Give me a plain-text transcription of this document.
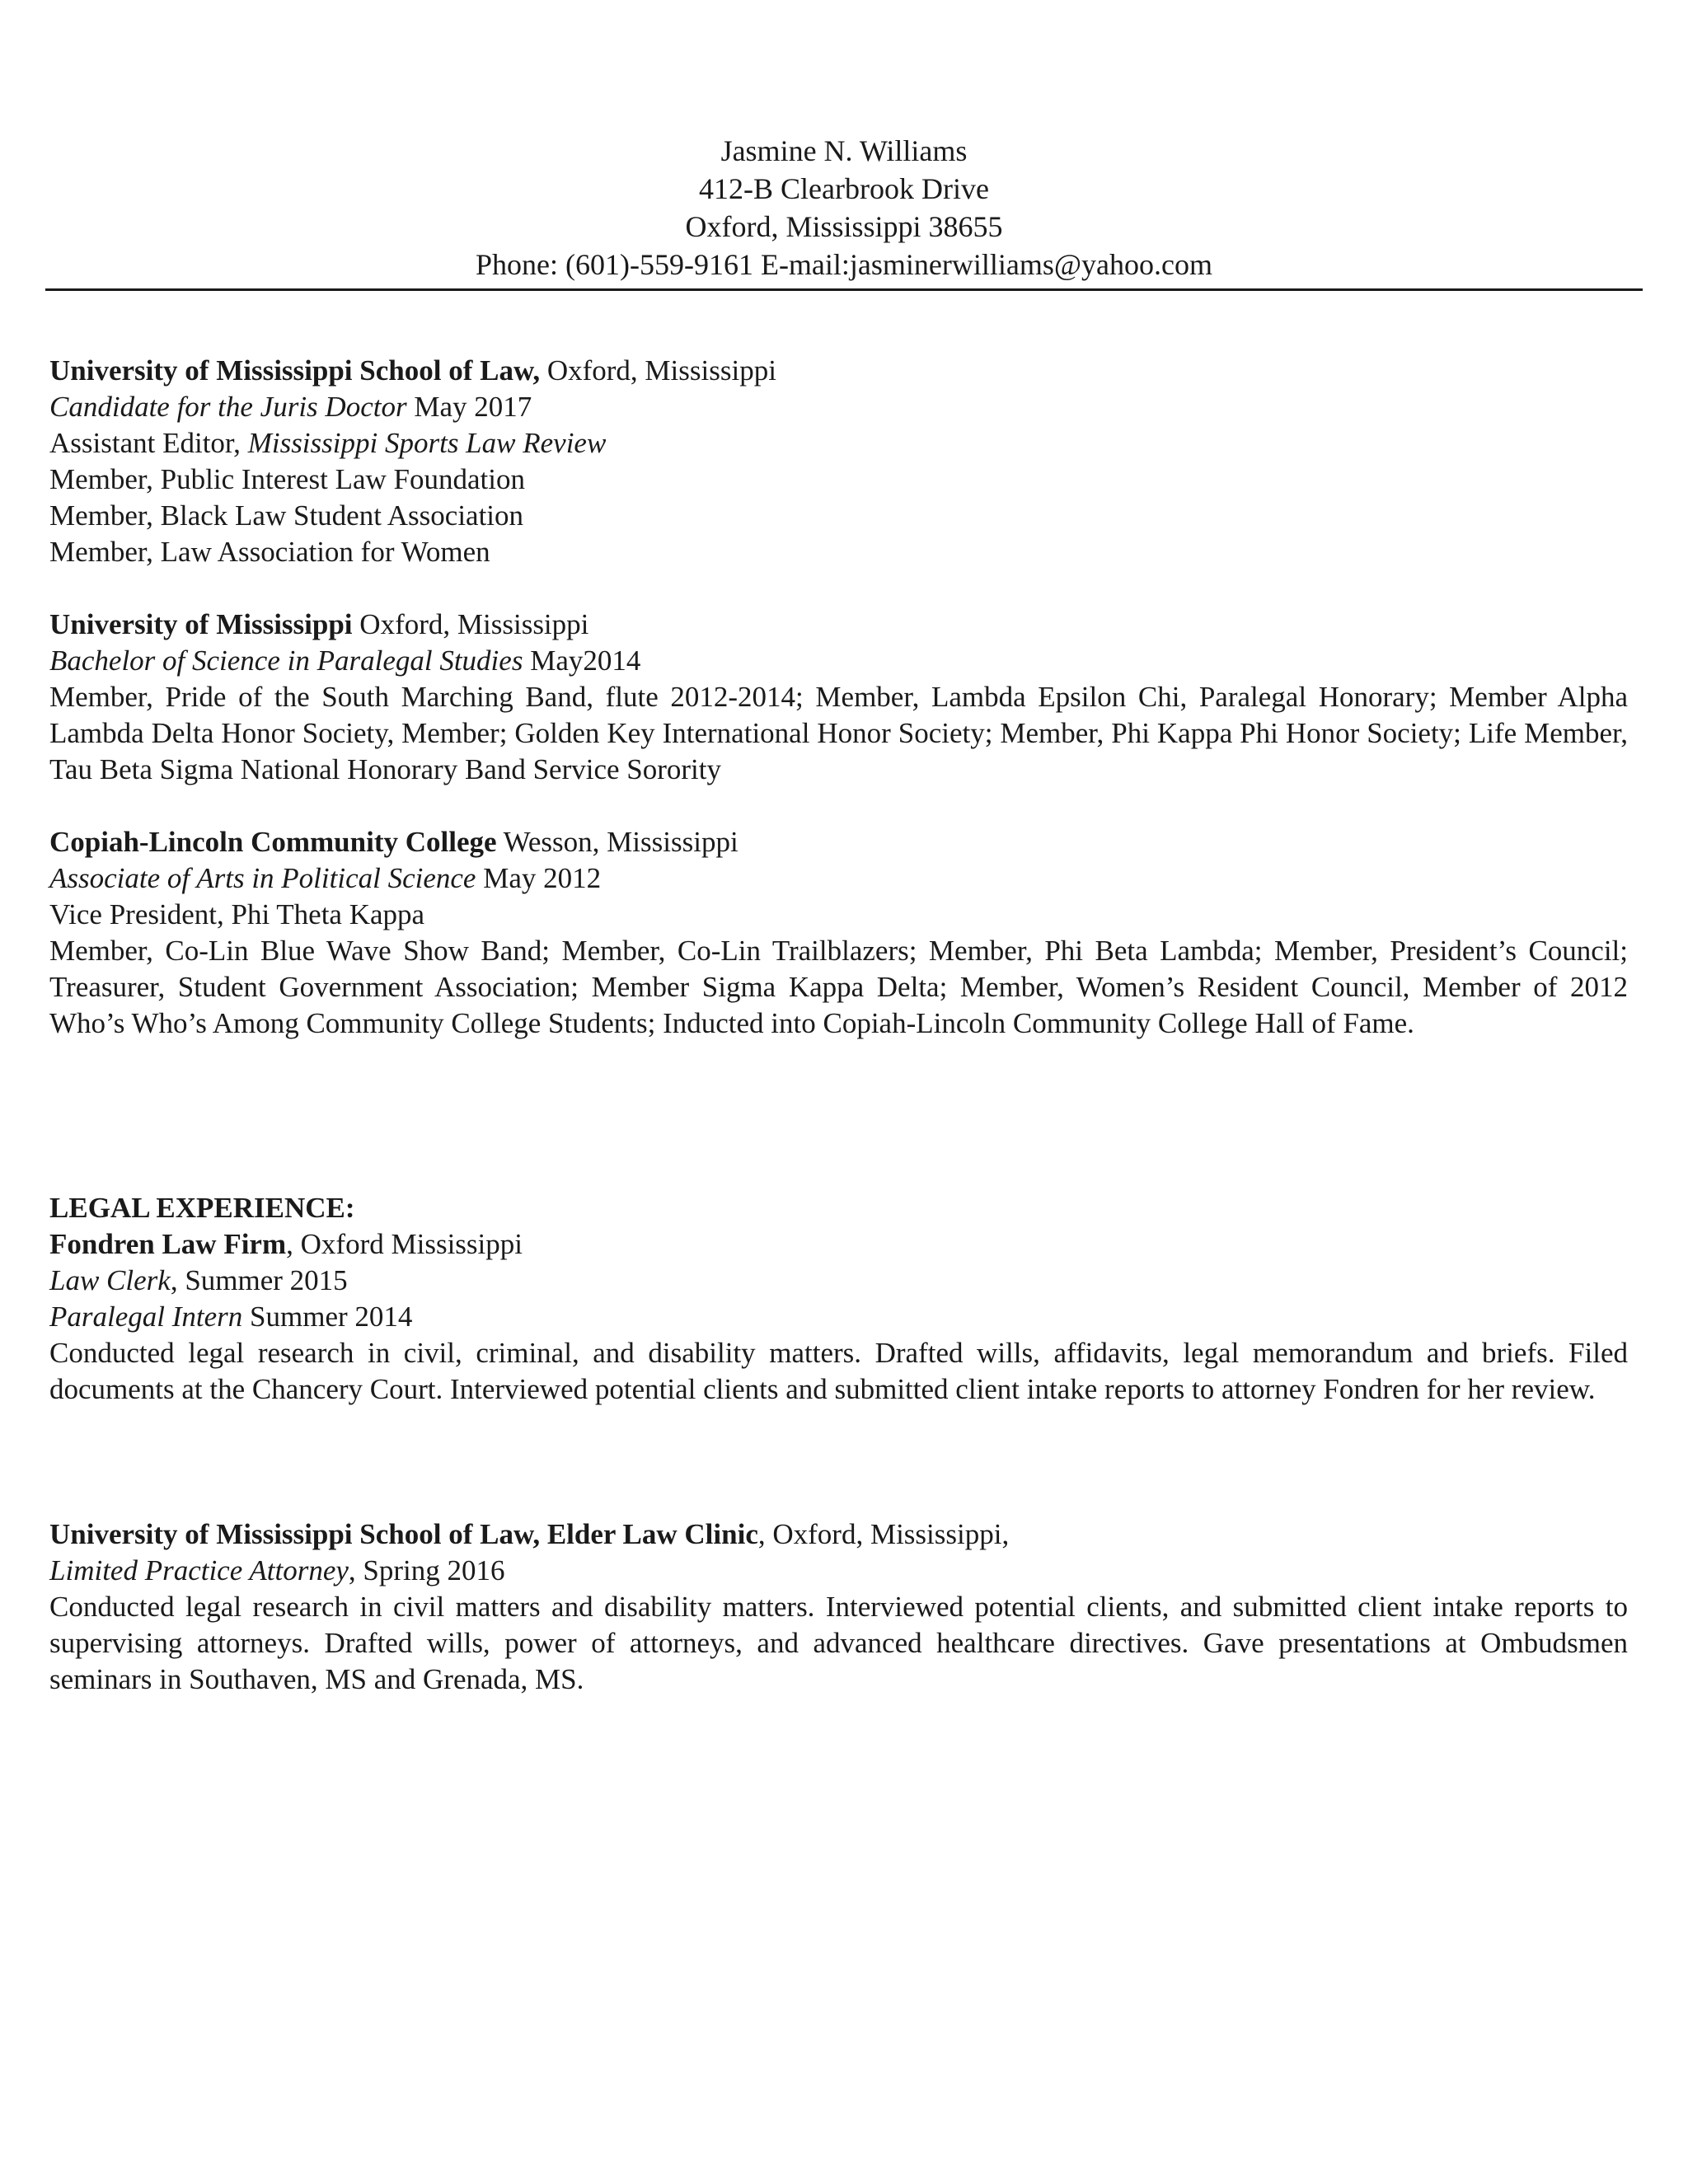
Jasmine N. Williams
412-B Clearbrook Drive
Oxford, Mississippi 38655
Phone: (601)-559-9161 E-mail:jasminerwilliams@yahoo.com
University of Mississippi School of Law, Oxford, Mississippi
Candidate for the Juris Doctor May 2017
Assistant Editor, Mississippi Sports Law Review
Member, Public Interest Law Foundation
Member, Black Law Student Association
Member, Law Association for Women
University of Mississippi Oxford, Mississippi
Bachelor of Science in Paralegal Studies May2014
Member, Pride of the South Marching Band, flute 2012-2014; Member, Lambda Epsilon Chi, Paralegal Honorary; Member Alpha Lambda Delta Honor Society, Member; Golden Key International Honor Society; Member, Phi Kappa Phi Honor Society; Life Member, Tau Beta Sigma National Honorary Band Service Sorority
Copiah-Lincoln Community College Wesson, Mississippi
Associate of Arts in Political Science May 2012
Vice President, Phi Theta Kappa
Member, Co-Lin Blue Wave Show Band; Member, Co-Lin Trailblazers; Member, Phi Beta Lambda; Member, President’s Council; Treasurer, Student Government Association; Member Sigma Kappa Delta; Member, Women’s Resident Council, Member of 2012 Who’s Who’s Among Community College Students; Inducted into Copiah-Lincoln Community College Hall of Fame.
LEGAL EXPERIENCE:
Fondren Law Firm, Oxford Mississippi
Law Clerk, Summer 2015
Paralegal Intern Summer 2014
Conducted legal research in civil, criminal, and disability matters. Drafted wills, affidavits, legal memorandum and briefs. Filed documents at the Chancery Court. Interviewed potential clients and submitted client intake reports to attorney Fondren for her review.
University of Mississippi School of Law, Elder Law Clinic, Oxford, Mississippi,
Limited Practice Attorney, Spring 2016
Conducted legal research in civil matters and disability matters. Interviewed potential clients, and submitted client intake reports to supervising attorneys. Drafted wills, power of attorneys, and advanced healthcare directives. Gave presentations at Ombudsmen seminars in Southaven, MS and Grenada, MS.
